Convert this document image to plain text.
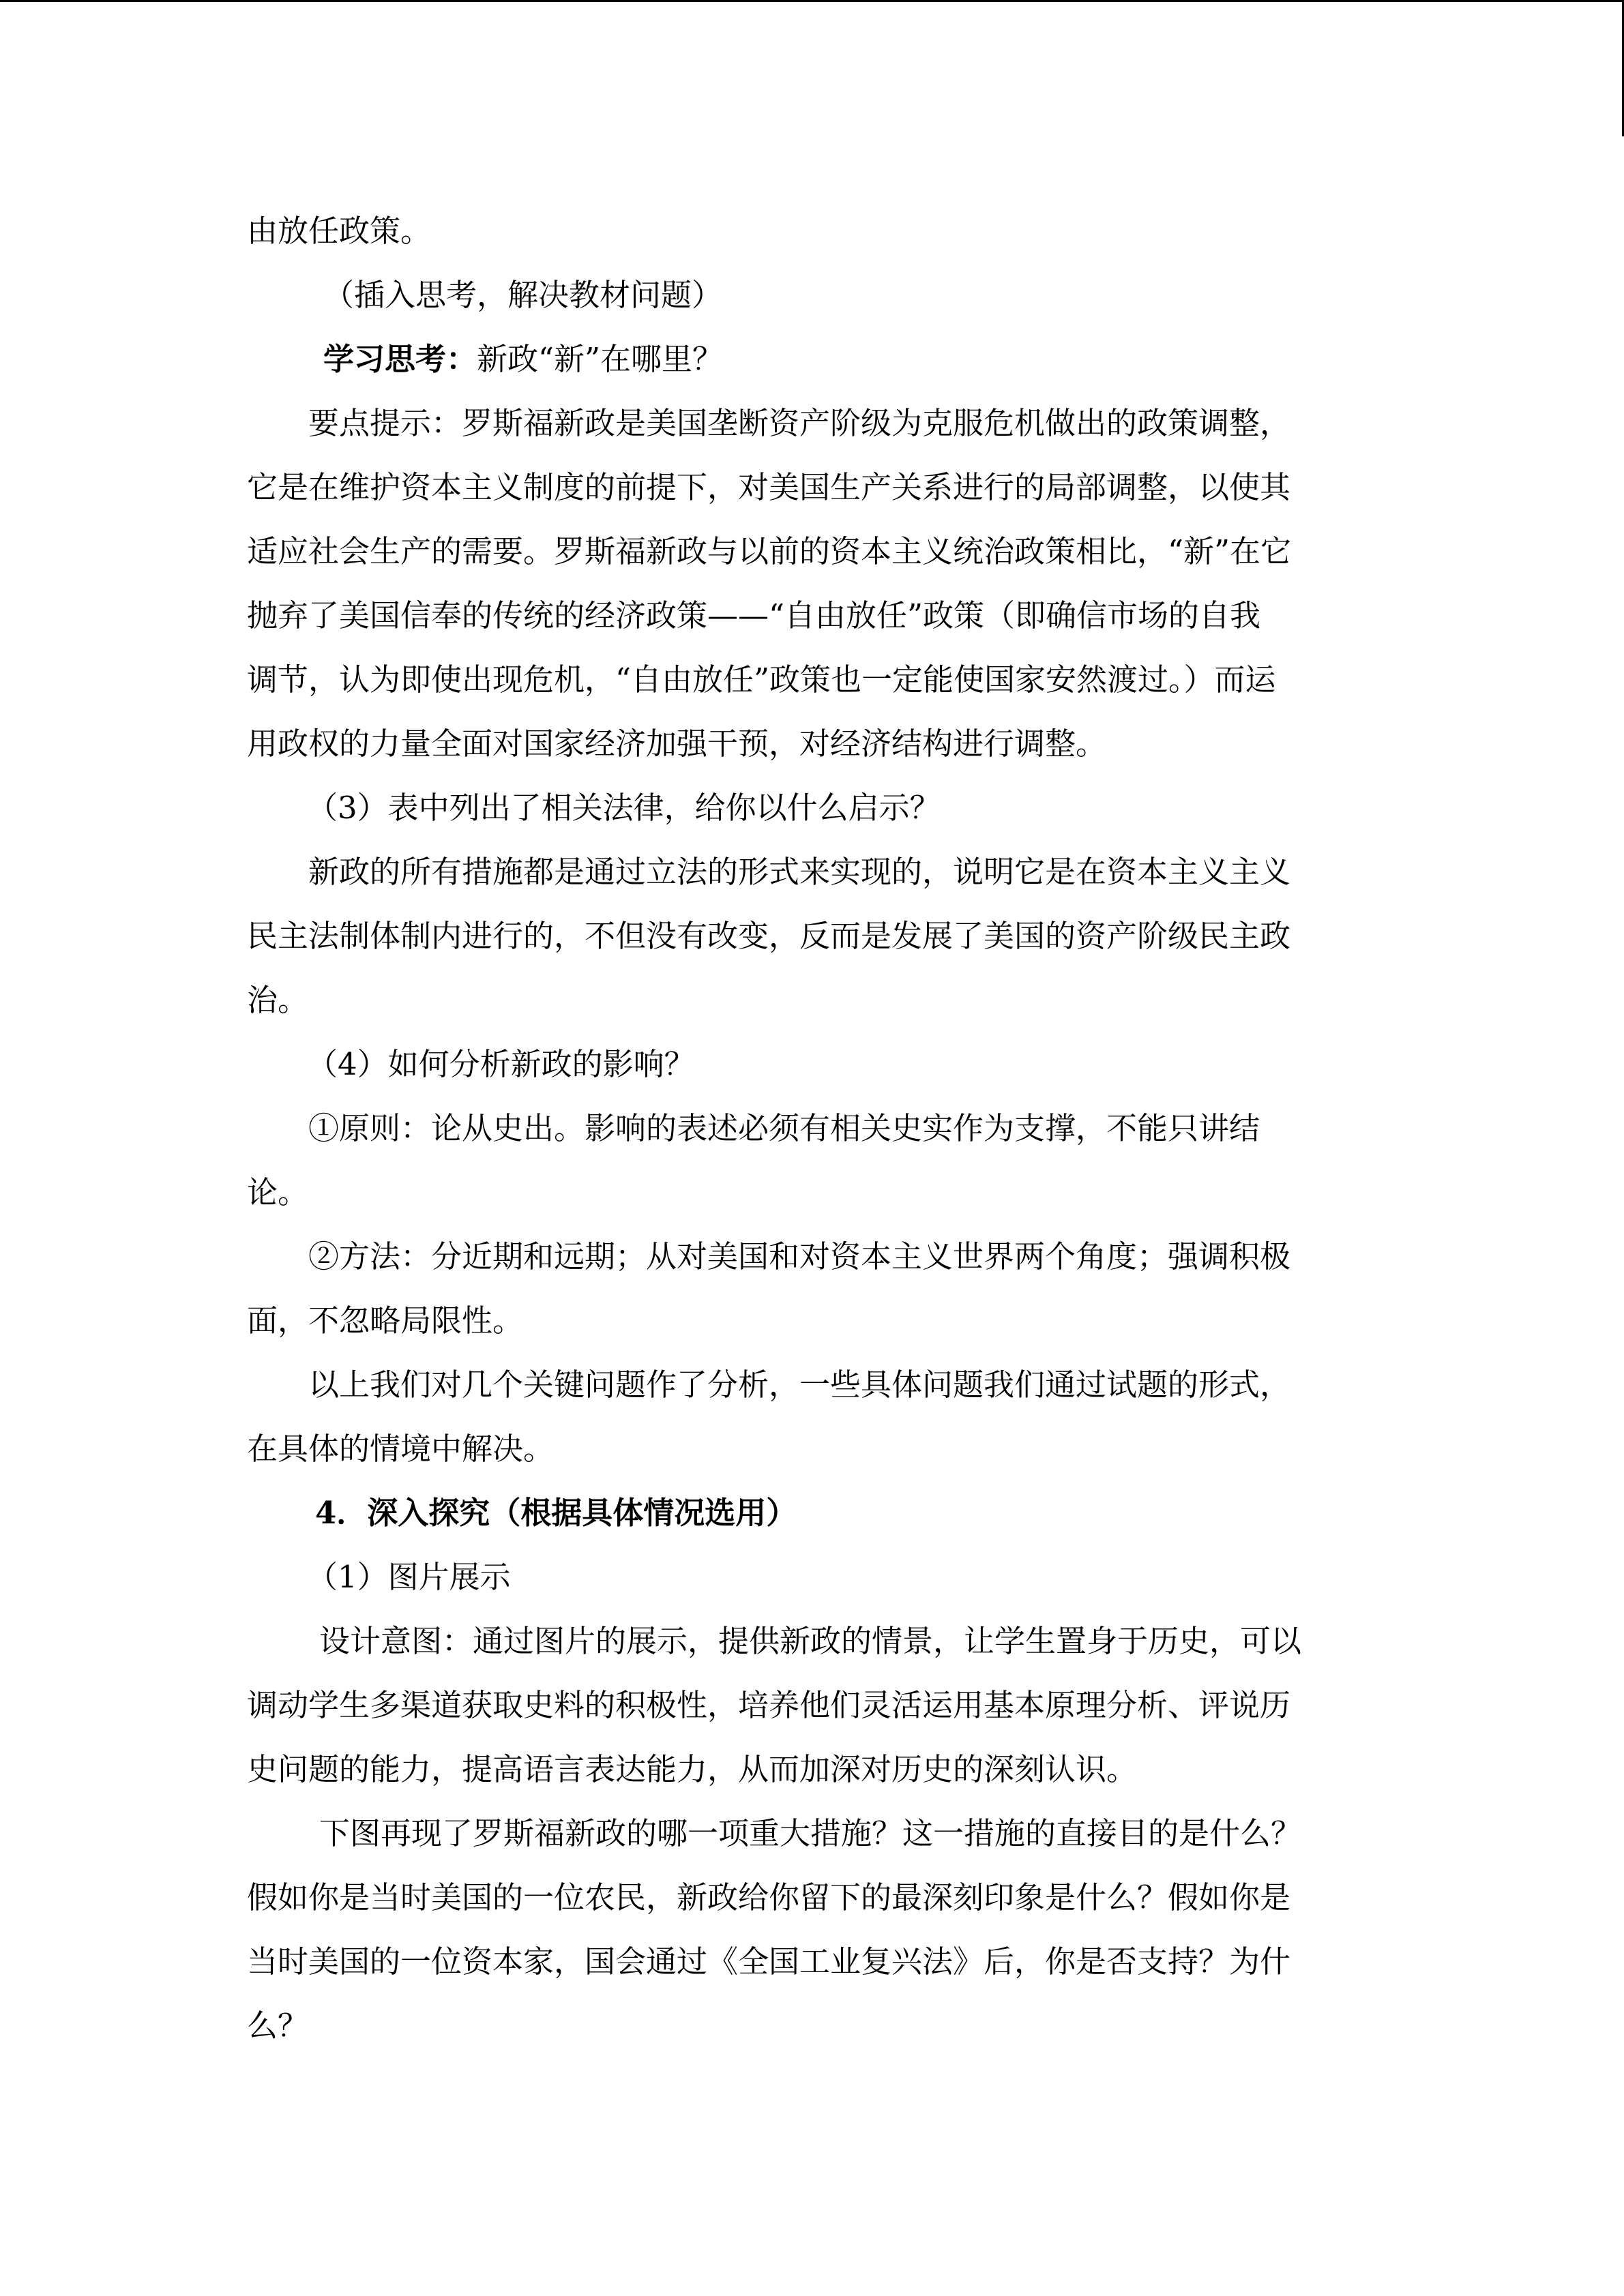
由放任政策。
（插入思考，解决教材问题）
学习思考：新政“新”在哪里？
要点提示：罗斯福新政是美国垄断资产阶级为克服危机做出的政策调整，
它是在维护资本主义制度的前提下，对美国生产关系进行的局部调整，以使其
适应社会生产的需要。罗斯福新政与以前的资本主义统治政策相比，“新”在它
抛弃了美国信奉的传统的经济政策——“自由放任”政策（即确信市场的自我
调节，认为即使出现危机，“自由放任”政策也一定能使国家安然渡过。）而运
用政权的力量全面对国家经济加强干预，对经济结构进行调整。
（3）表中列出了相关法律，给你以什么启示？
新政的所有措施都是通过立法的形式来实现的，说明它是在资本主义主义
民主法制体制内进行的，不但没有改变，反而是发展了美国的资产阶级民主政
治。
（4）如何分析新政的影响？
①原则：论从史出。影响的表述必须有相关史实作为支撑，不能只讲结
论。
②方法：分近期和远期；从对美国和对资本主义世界两个角度；强调积极
面，不忽略局限性。
以上我们对几个关键问题作了分析，一些具体问题我们通过试题的形式，
在具体的情境中解决。
4．深入探究（根据具体情况选用）
（1）图片展示
设计意图：通过图片的展示，提供新政的情景，让学生置身于历史，可以
调动学生多渠道获取史料的积极性，培养他们灵活运用基本原理分析、评说历
史问题的能力，提高语言表达能力，从而加深对历史的深刻认识。
下图再现了罗斯福新政的哪一项重大措施？这一措施的直接目的是什么？
假如你是当时美国的一位农民，新政给你留下的最深刻印象是什么？假如你是
当时美国的一位资本家，国会通过《全国工业复兴法》后，你是否支持？为什
么？
